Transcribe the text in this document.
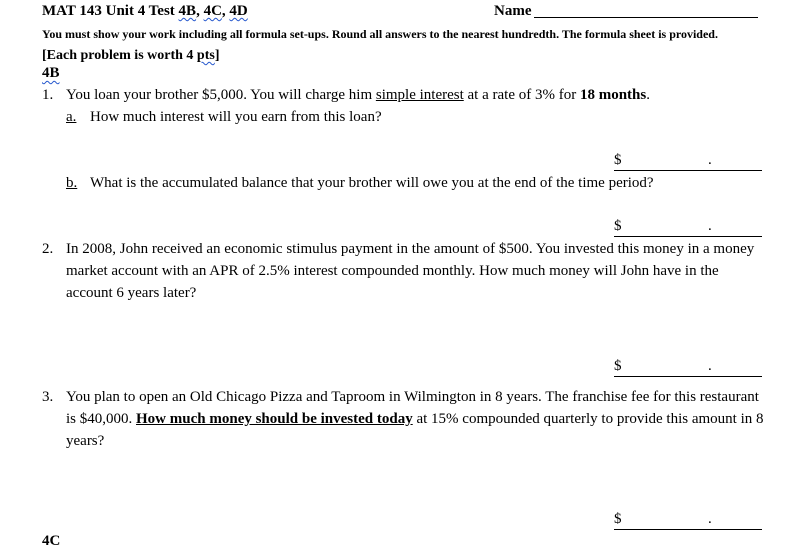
MAT 143 Unit 4 Test 4B, 4C, 4D	Name
You must show your work including all formula set-ups. Round all answers to the nearest hundredth. The formula sheet is provided. [Each problem is worth 4 pts]
4B
1. You loan your brother $5,000. You will charge him simple interest at a rate of 3% for 18 months.
a. How much interest will you earn from this loan?
$	.
b. What is the accumulated balance that your brother will owe you at the end of the time period?
$	.
2. In 2008, John received an economic stimulus payment in the amount of $500. You invested this money in a money market account with an APR of 2.5% interest compounded monthly. How much money will John have in the account 6 years later?
$	.
3. You plan to open an Old Chicago Pizza and Taproom in Wilmington in 8 years. The franchise fee for this restaurant is $40,000. How much money should be invested today at 15% compounded quarterly to provide this amount in 8 years?
$	.
4C
